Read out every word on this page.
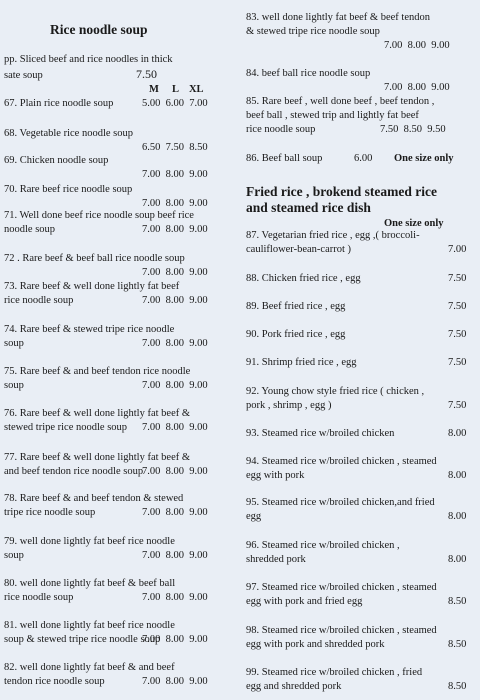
Rice noodle soup
M     L    XL
pp. Sliced beef and rice noodles in thick
sate soup	7.50
67. Plain rice noodle soup	5.00  6.00  7.00
68. Vegetable rice noodle soup
6.50  7.50  8.50
69. Chicken noodle soup
7.00  8.00  9.00
70. Rare beef rice noodle soup
7.00  8.00  9.00
71. Well done beef rice noodle soup beef rice
noodle soup	7.00  8.00  9.00
72 . Rare beef & beef ball rice noodle soup
7.00  8.00  9.00
73. Rare beef & well done lightly fat beef
rice noodle soup	7.00  8.00  9.00
74. Rare beef & stewed tripe rice noodle
soup	7.00  8.00  9.00
75. Rare beef & and beef tendon rice noodle
soup	7.00  8.00  9.00
76. Rare beef & well done lightly fat beef &
stewed tripe rice noodle soup 7.00  8.00  9.00
77. Rare beef & well done lightly fat beef &
and beef tendon rice noodle soup
7.00  8.00  9.00
78. Rare beef & and beef tendon & stewed
tripe rice noodle soup	7.00  8.00  9.00
79. well done lightly fat beef rice noodle
soup	7.00  8.00  9.00
80. well done lightly fat beef & beef ball
rice noodle soup	7.00  8.00  9.00
81. well done lightly fat beef rice noodle
soup & stewed tripe rice noodle soup
7.00  8.00  9.00
82. well done lightly fat beef & and beef
tendon rice noodle soup	7.00  8.00  9.00
83. well done lightly fat beef & beef tendon
& stewed tripe rice noodle soup
7.00  8.00  9.00
84. beef ball rice noodle soup
7.00  8.00  9.00
85. Rare beef , well done beef , beef tendon ,
beef ball , stewed trip and lightly fat beef
rice noodle soup	7.50  8.50  9.50
86. Beef ball soup	6.00 One size only
Fried rice , brokend steamed rice
and steamed rice dish
One size only
87. Vegetarian fried rice , egg ,( broccoli-
cauliflower-bean-carrot )	7.00
88. Chicken fried rice , egg	7.50
89. Beef fried rice , egg	7.50
90. Pork fried rice , egg	7.50
91. Shrimp fried rice , egg	7.50
92. Young chow style fried rice ( chicken ,
pork , shrimp , egg )	7.50
93. Steamed rice w/broiled chicken	8.00
94. Steamed rice w/broiled chicken , steamed
egg with pork	8.00
95. Steamed rice w/broiled chicken,and fried
egg	8.00
96. Steamed rice w/broiled chicken ,
shredded pork	8.00
97. Steamed rice w/broiled chicken , steamed
egg with pork and fried egg	8.50
98. Steamed rice w/broiled chicken , steamed
egg with pork and shredded pork	8.50
99. Steamed rice w/broiled chicken , fried
egg and shredded pork	8.50
